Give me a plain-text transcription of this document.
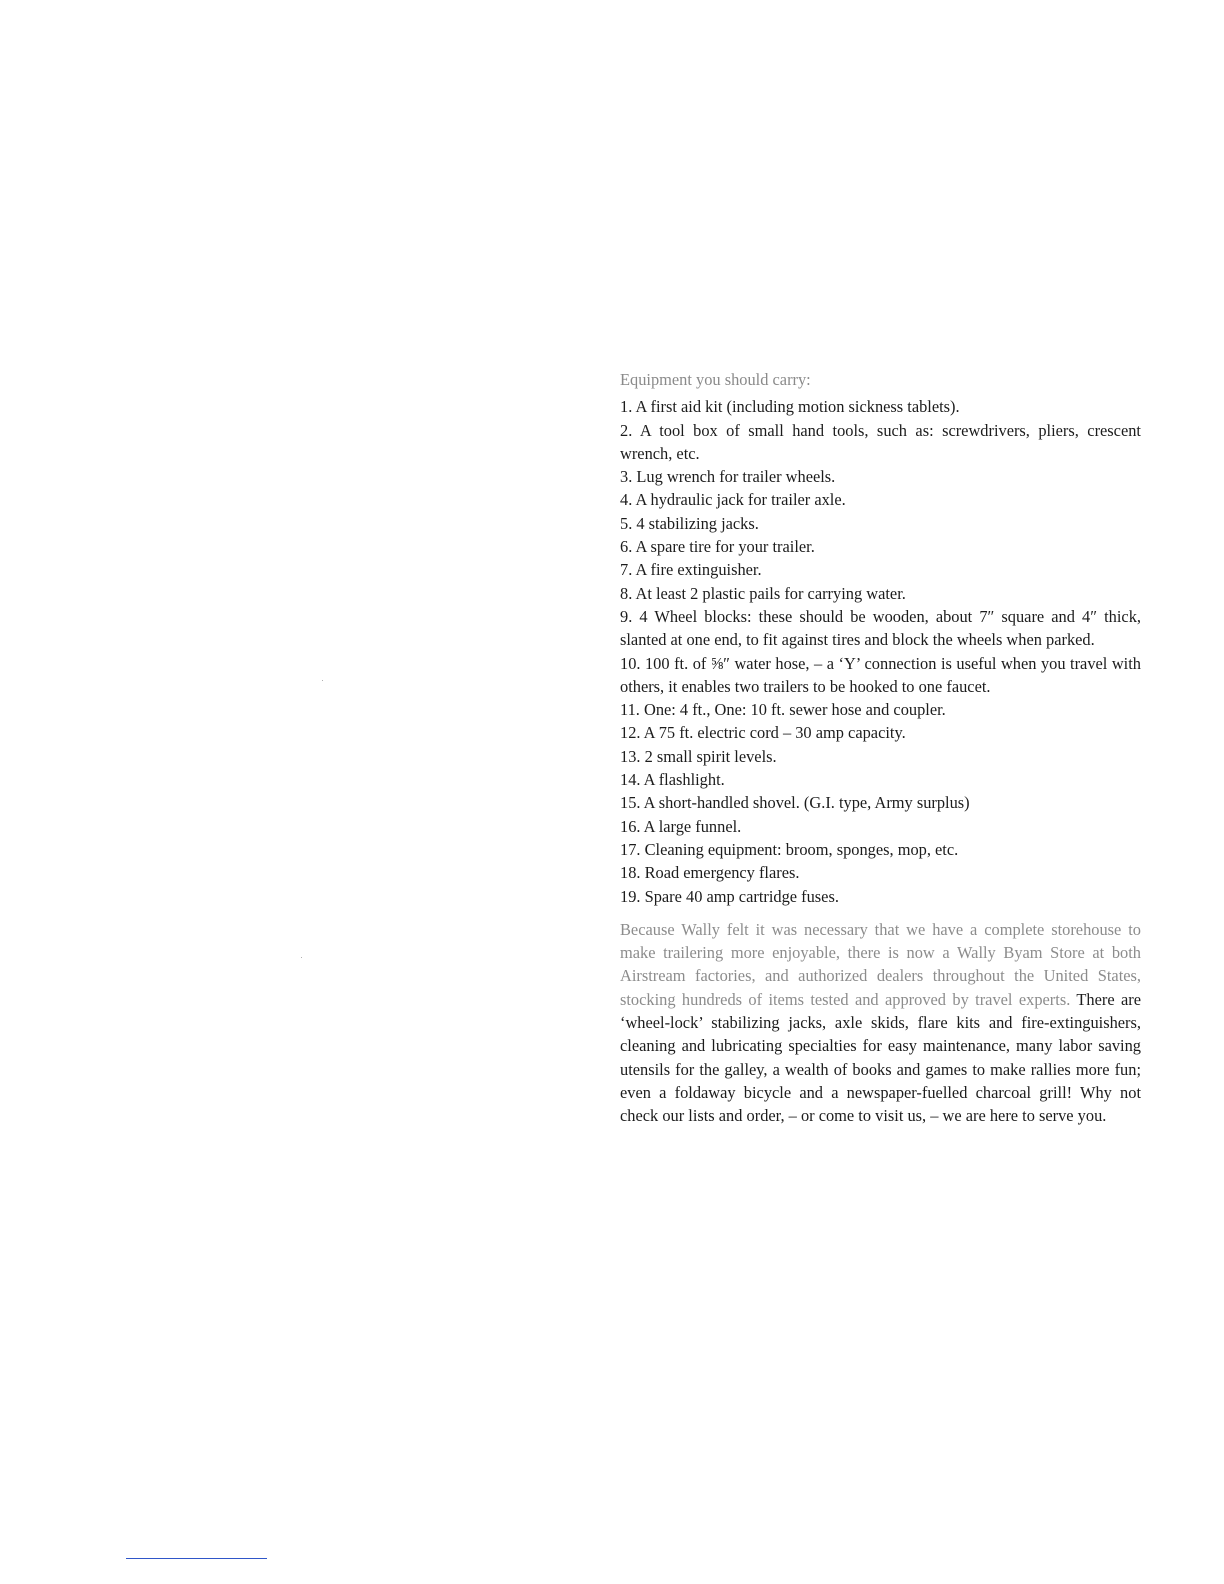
Equipment you should carry:
1. A first aid kit (including motion sickness tablets).
2. A tool box of small hand tools, such as: screwdrivers, pliers, crescent wrench, etc.
3. Lug wrench for trailer wheels.
4. A hydraulic jack for trailer axle.
5. 4 stabilizing jacks.
6. A spare tire for your trailer.
7. A fire extinguisher.
8. At least 2 plastic pails for carrying water.
9. 4 Wheel blocks: these should be wooden, about 7″ square and 4″ thick, slanted at one end, to fit against tires and block the wheels when parked.
10. 100 ft. of ⅝″ water hose, – a ‘Y’ connection is useful when you travel with others, it enables two trailers to be hooked to one faucet.
11. One: 4 ft., One: 10 ft. sewer hose and coupler.
12. A 75 ft. electric cord – 30 amp capacity.
13. 2 small spirit levels.
14. A flashlight.
15. A short-handled shovel. (G.I. type, Army surplus)
16. A large funnel.
17. Cleaning equipment: broom, sponges, mop, etc.
18. Road emergency flares.
19. Spare 40 amp cartridge fuses.

Because Wally felt it was necessary that we have a complete storehouse to make trailering more enjoyable, there is now a Wally Byam Store at both Airstream factories, and authorized dealers throughout the United States, stocking hundreds of items tested and approved by travel experts. There are ‘wheel-lock’ stabilizing jacks, axle skids, flare kits and fire-extinguishers, cleaning and lubricating specialties for easy maintenance, many labor saving utensils for the galley, a wealth of books and games to make rallies more fun; even a foldaway bicycle and a newspaper-fuelled charcoal grill! Why not check our lists and order, – or come to visit us, – we are here to serve you.
